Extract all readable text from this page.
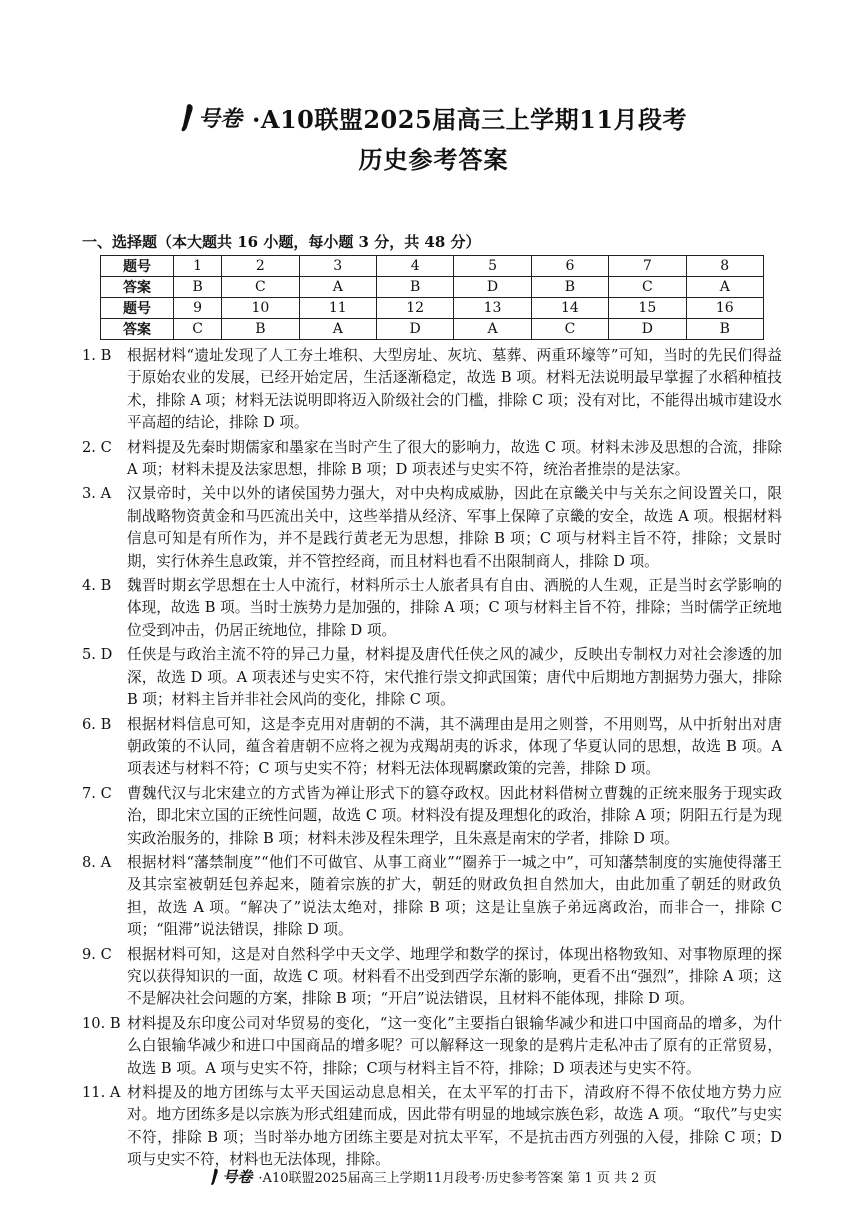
号卷 ·A10联盟2025届高三上学期11月段考
历史参考答案
一、选择题（本大题共 16 小题，每小题 3 分，共 48 分）
题号	1	2	3	4	5	6	7	8
答案	B	C	A	B	D	B	C	A
题号	9	10	11	12	13	14	15	16
答案	C	B	A	D	A	C	D	B
1. B	根据材料“遗址发现了人工夯土堆积、大型房址、灰坑、墓葬、两重环壕等”可知，当时的先民们得益于原始农业的发展，已经开始定居，生活逐渐稳定，故选 B 项。材料无法说明最早掌握了水稻种植技术，排除 A 项；材料无法说明即将迈入阶级社会的门槛，排除 C 项；没有对比，不能得出城市建设水平高超的结论，排除 D 项。
2. C	材料提及先秦时期儒家和墨家在当时产生了很大的影响力，故选 C 项。材料未涉及思想的合流，排除 A 项；材料未提及法家思想，排除 B 项；D 项表述与史实不符，统治者推崇的是法家。
3. A	汉景帝时，关中以外的诸侯国势力强大，对中央构成威胁，因此在京畿关中与关东之间设置关口，限制战略物资黄金和马匹流出关中，这些举措从经济、军事上保障了京畿的安全，故选 A 项。根据材料信息可知是有所作为，并不是践行黄老无为思想，排除 B 项；C 项与材料主旨不符，排除；文景时期，实行休养生息政策，并不管控经商，而且材料也看不出限制商人，排除 D 项。
4. B	魏晋时期玄学思想在士人中流行，材料所示士人旅者具有自由、洒脱的人生观，正是当时玄学影响的体现，故选 B 项。当时士族势力是加强的，排除 A 项；C 项与材料主旨不符，排除；当时儒学正统地位受到冲击，仍居正统地位，排除 D 项。
5. D	任侠是与政治主流不符的异己力量，材料提及唐代任侠之风的减少，反映出专制权力对社会渗透的加深，故选 D 项。A 项表述与史实不符，宋代推行崇文抑武国策；唐代中后期地方割据势力强大，排除 B 项；材料主旨并非社会风尚的变化，排除 C 项。
6. B	根据材料信息可知，这是李克用对唐朝的不满，其不满理由是用之则誉，不用则骂，从中折射出对唐朝政策的不认同，蕴含着唐朝不应将之视为戎羯胡夷的诉求，体现了华夏认同的思想，故选 B 项。A 项表述与材料不符；C 项与史实不符；材料无法体现羁縻政策的完善，排除 D 项。
7. C	曹魏代汉与北宋建立的方式皆为禅让形式下的篡夺政权。因此材料借树立曹魏的正统来服务于现实政治，即北宋立国的正统性问题，故选 C 项。材料没有提及理想化的政治，排除 A 项；阴阳五行是为现实政治服务的，排除 B 项；材料未涉及程朱理学，且朱熹是南宋的学者，排除 D 项。
8. A	根据材料“藩禁制度”“他们不可做官、从事工商业”“圈养于一城之中”，可知藩禁制度的实施使得藩王及其宗室被朝廷包养起来，随着宗族的扩大，朝廷的财政负担自然加大，由此加重了朝廷的财政负担，故选 A 项。“解决了”说法太绝对，排除 B 项；这是让皇族子弟远离政治，而非合一，排除 C 项；“阻滞”说法错误，排除 D 项。
9. C	根据材料可知，这是对自然科学中天文学、地理学和数学的探讨，体现出格物致知、对事物原理的探究以获得知识的一面，故选 C 项。材料看不出受到西学东渐的影响，更看不出“强烈”，排除 A 项；这不是解决社会问题的方案，排除 B 项；“开启”说法错误，且材料不能体现，排除 D 项。
10. B 材料提及东印度公司对华贸易的变化，“这一变化”主要指白银输华减少和进口中国商品的增多，为什么白银输华减少和进口中国商品的增多呢？可以解释这一现象的是鸦片走私冲击了原有的正常贸易，故选 B 项。A 项与史实不符，排除；C项与材料主旨不符，排除；D 项表述与史实不符。
11. A 材料提及的地方团练与太平天国运动息息相关，在太平军的打击下，清政府不得不依仗地方势力应对。地方团练多是以宗族为形式组建而成，因此带有明显的地域宗族色彩，故选 A 项。“取代”与史实不符，排除 B 项；当时举办地方团练主要是对抗太平军，不是抗击西方列强的入侵，排除 C 项；D 项与史实不符，材料也无法体现，排除。
号卷 ·A10联盟2025届高三上学期11月段考·历史参考答案 第 1 页 共 2 页
